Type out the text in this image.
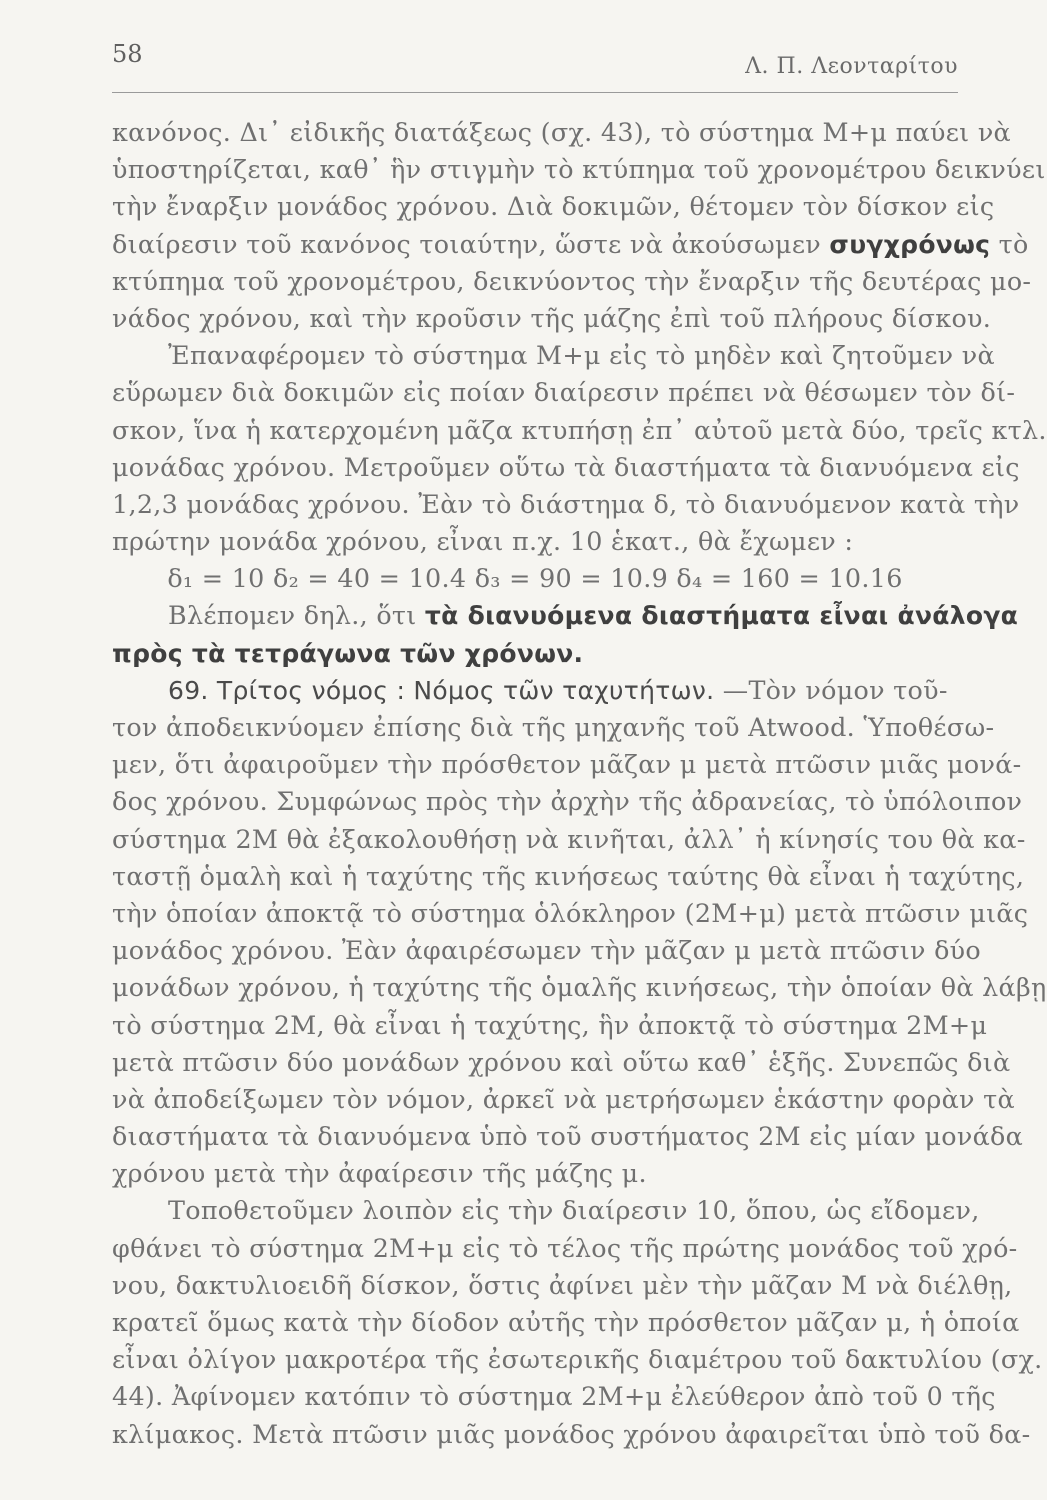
58	Λ. Π. Λεονταρίτου
κανόνος. Δι᾿ εἰδικῆς διατάξεως (σχ. 43), τὸ σύστημα Μ+μ παύει νὰ
ὑποστηρίζεται, καθ᾿ ἣν στιγμὴν τὸ κτύπημα τοῦ χρονομέτρου δεικνύει
τὴν ἔναρξιν μονάδος χρόνου. Διὰ δοκιμῶν, θέτομεν τὸν δίσκον εἰς
διαίρεσιν τοῦ κανόνος τοιαύτην, ὥστε νὰ ἀκούσωμεν συγχρόνως τὸ
κτύπημα τοῦ χρονομέτρου, δεικνύοντος τὴν ἔναρξιν τῆς δευτέρας μο-
νάδος χρόνου, καὶ τὴν κροῦσιν τῆς μάζης ἐπὶ τοῦ πλήρους δίσκου.
Ἐπαναφέρομεν τὸ σύστημα Μ+μ εἰς τὸ μηδὲν καὶ ζητοῦμεν νὰ
εὕρωμεν διὰ δοκιμῶν εἰς ποίαν διαίρεσιν πρέπει νὰ θέσωμεν τὸν δί-
σκον, ἵνα ἡ κατερχομένη μᾶζα κτυπήσῃ ἐπ᾿ αὐτοῦ μετὰ δύο, τρεῖς κτλ.
μονάδας χρόνου. Μετροῦμεν οὕτω τὰ διαστήματα τὰ διανυόμενα εἰς
1,2,3 μονάδας χρόνου. Ἐὰν τὸ διάστημα δ, τὸ διανυόμενον κατὰ τὴν
πρώτην μονάδα χρόνου, εἶναι π.χ. 10 ἑκατ., θὰ ἔχωμεν :
δ₁ = 10 δ₂ = 40 = 10.4 δ₃ = 90 = 10.9 δ₄ = 160 = 10.16
Βλέπομεν δηλ., ὅτι τὰ διανυόμενα διαστήματα εἶναι ἀνάλογα
πρὸς τὰ τετράγωνα τῶν χρόνων.
69. Τρίτος νόμος : Νόμος τῶν ταχυτήτων. —Τὸν νόμον τοῦ-
τον ἀποδεικνύομεν ἐπίσης διὰ τῆς μηχανῆς τοῦ Atwood. Ὑποθέσω-
μεν, ὅτι ἀφαιροῦμεν τὴν πρόσθετον μᾶζαν μ μετὰ πτῶσιν μιᾶς μονά-
δος χρόνου. Συμφώνως πρὸς τὴν ἀρχὴν τῆς ἀδρανείας, τὸ ὑπόλοιπον
σύστημα 2Μ θὰ ἐξακολουθήσῃ νὰ κινῆται, ἀλλ᾿ ἡ κίνησίς του θὰ κα-
ταστῇ ὁμαλὴ καὶ ἡ ταχύτης τῆς κινήσεως ταύτης θὰ εἶναι ἡ ταχύτης,
τὴν ὁποίαν ἀποκτᾷ τὸ σύστημα ὁλόκληρον (2Μ+μ) μετὰ πτῶσιν μιᾶς
μονάδος χρόνου. Ἐὰν ἀφαιρέσωμεν τὴν μᾶζαν μ μετὰ πτῶσιν δύο
μονάδων χρόνου, ἡ ταχύτης τῆς ὁμαλῆς κινήσεως, τὴν ὁποίαν θὰ λάβῃ
τὸ σύστημα 2Μ, θὰ εἶναι ἡ ταχύτης, ἣν ἀποκτᾷ τὸ σύστημα 2Μ+μ
μετὰ πτῶσιν δύο μονάδων χρόνου καὶ οὕτω καθ᾿ ἑξῆς. Συνεπῶς διὰ
νὰ ἀποδείξωμεν τὸν νόμον, ἀρκεῖ νὰ μετρήσωμεν ἑκάστην φορὰν τὰ
διαστήματα τὰ διανυόμενα ὑπὸ τοῦ συστήματος 2Μ εἰς μίαν μονάδα
χρόνου μετὰ τὴν ἀφαίρεσιν τῆς μάζης μ.
Τοποθετοῦμεν λοιπὸν εἰς τὴν διαίρεσιν 10, ὅπου, ὡς εἴδομεν,
φθάνει τὸ σύστημα 2Μ+μ εἰς τὸ τέλος τῆς πρώτης μονάδος τοῦ χρό-
νου, δακτυλιοειδῆ δίσκον, ὅστις ἀφίνει μὲν τὴν μᾶζαν Μ νὰ διέλθῃ,
κρατεῖ ὅμως κατὰ τὴν δίοδον αὐτῆς τὴν πρόσθετον μᾶζαν μ, ἡ ὁποία
εἶναι ὀλίγον μακροτέρα τῆς ἐσωτερικῆς διαμέτρου τοῦ δακτυλίου (σχ.
44). Ἀφίνομεν κατόπιν τὸ σύστημα 2Μ+μ ἐλεύθερον ἀπὸ τοῦ 0 τῆς
κλίμακος. Μετὰ πτῶσιν μιᾶς μονάδος χρόνου ἀφαιρεῖται ὑπὸ τοῦ δα-
